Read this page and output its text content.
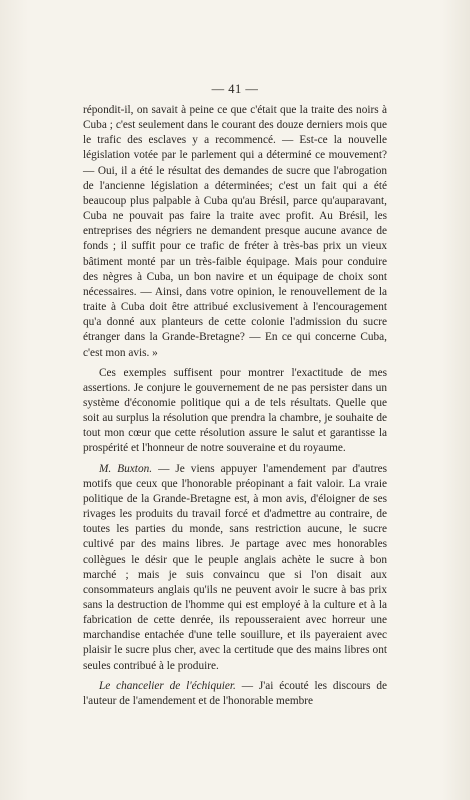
— 41 —

répondit-il, on savait à peine ce que c'était que la traite des noirs à Cuba ; c'est seulement dans le courant des douze derniers mois que le trafic des esclaves y a recommencé. — Est-ce la nouvelle législation votée par le parlement qui a déterminé ce mouvement? — Oui, il a été le résultat des demandes de sucre que l'abrogation de l'ancienne législation a déterminées; c'est un fait qui a été beaucoup plus palpable à Cuba qu'au Brésil, parce qu'auparavant, Cuba ne pouvait pas faire la traite avec profit. Au Brésil, les entreprises des négriers ne demandent presque aucune avance de fonds ; il suffit pour ce trafic de fréter à très-bas prix un vieux bâtiment monté par un très-faible équipage. Mais pour conduire des nègres à Cuba, un bon navire et un équipage de choix sont nécessaires. — Ainsi, dans votre opinion, le renouvellement de la traite à Cuba doit être attribué exclusivement à l'encouragement qu'a donné aux planteurs de cette colonie l'admission du sucre étranger dans la Grande-Bretagne? — En ce qui concerne Cuba, c'est mon avis. »

Ces exemples suffisent pour montrer l'exactitude de mes assertions. Je conjure le gouvernement de ne pas persister dans un système d'économie politique qui a de tels résultats. Quelle que soit au surplus la résolution que prendra la chambre, je souhaite de tout mon cœur que cette résolution assure le salut et garantisse la prospérité et l'honneur de notre souveraine et du royaume.

M. Buxton. — Je viens appuyer l'amendement par d'autres motifs que ceux que l'honorable préopinant a fait valoir. La vraie politique de la Grande-Bretagne est, à mon avis, d'éloigner de ses rivages les produits du travail forcé et d'admettre au contraire, de toutes les parties du monde, sans restriction aucune, le sucre cultivé par des mains libres. Je partage avec mes honorables collègues le désir que le peuple anglais achète le sucre à bon marché ; mais je suis convaincu que si l'on disait aux consommateurs anglais qu'ils ne peuvent avoir le sucre à bas prix sans la destruction de l'homme qui est employé à la culture et à la fabrication de cette denrée, ils repousseraient avec horreur une marchandise entachée d'une telle souillure, et ils payeraient avec plaisir le sucre plus cher, avec la certitude que des mains libres ont seules contribué à le produire.

Le chancelier de l'échiquier. — J'ai écouté les discours de l'auteur de l'amendement et de l'honorable membre
